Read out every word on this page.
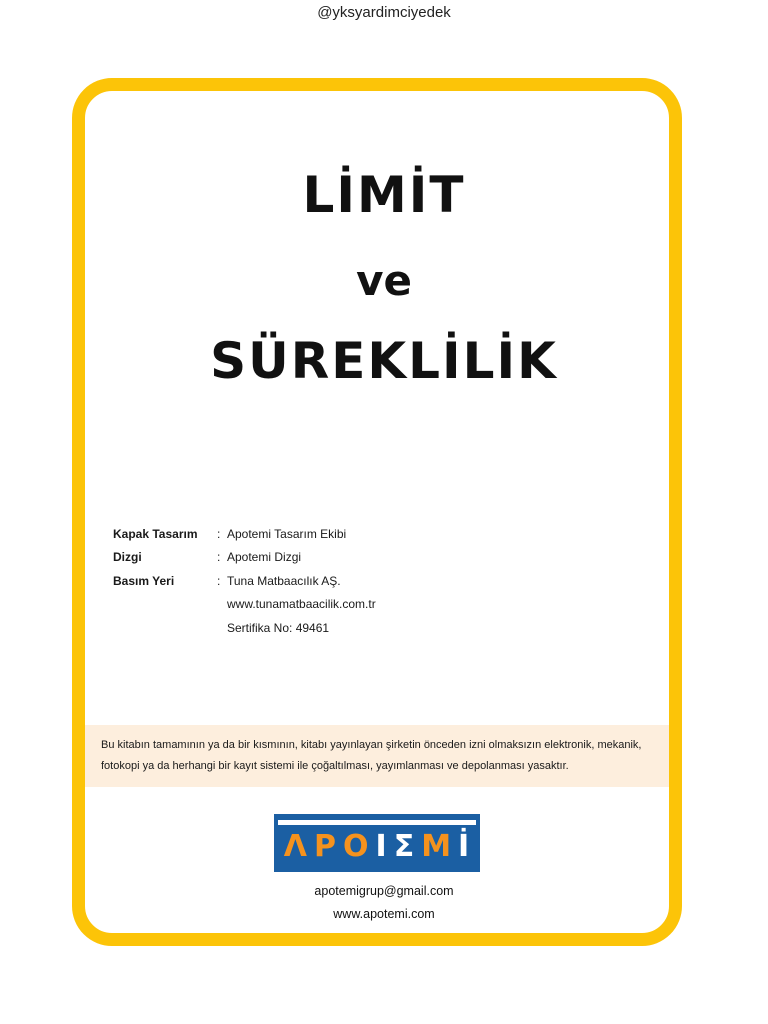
@yksyardimciyedek
LİMİT
ve
SÜREKLİLİK
Kapak Tasarım	: Apotemi Tasarım Ekibi
Dizgi	: Apotemi Dizgi
Basım Yeri	: Tuna Matbaacılık AŞ.
www.tunamatbaacilik.com.tr
Sertifika No: 49461
Bu kitabın tamamının ya da bir kısmının, kitabı yayınlayan şirketin önceden izni olmaksızın elektronik, mekanik,
fotokopi ya da herhangi bir kayıt sistemi ile çoğaltılması, yayımlanması ve depolanması yasaktır.
Λ P O I Σ M İ
apotemigrup@gmail.com
www.apotemi.com
